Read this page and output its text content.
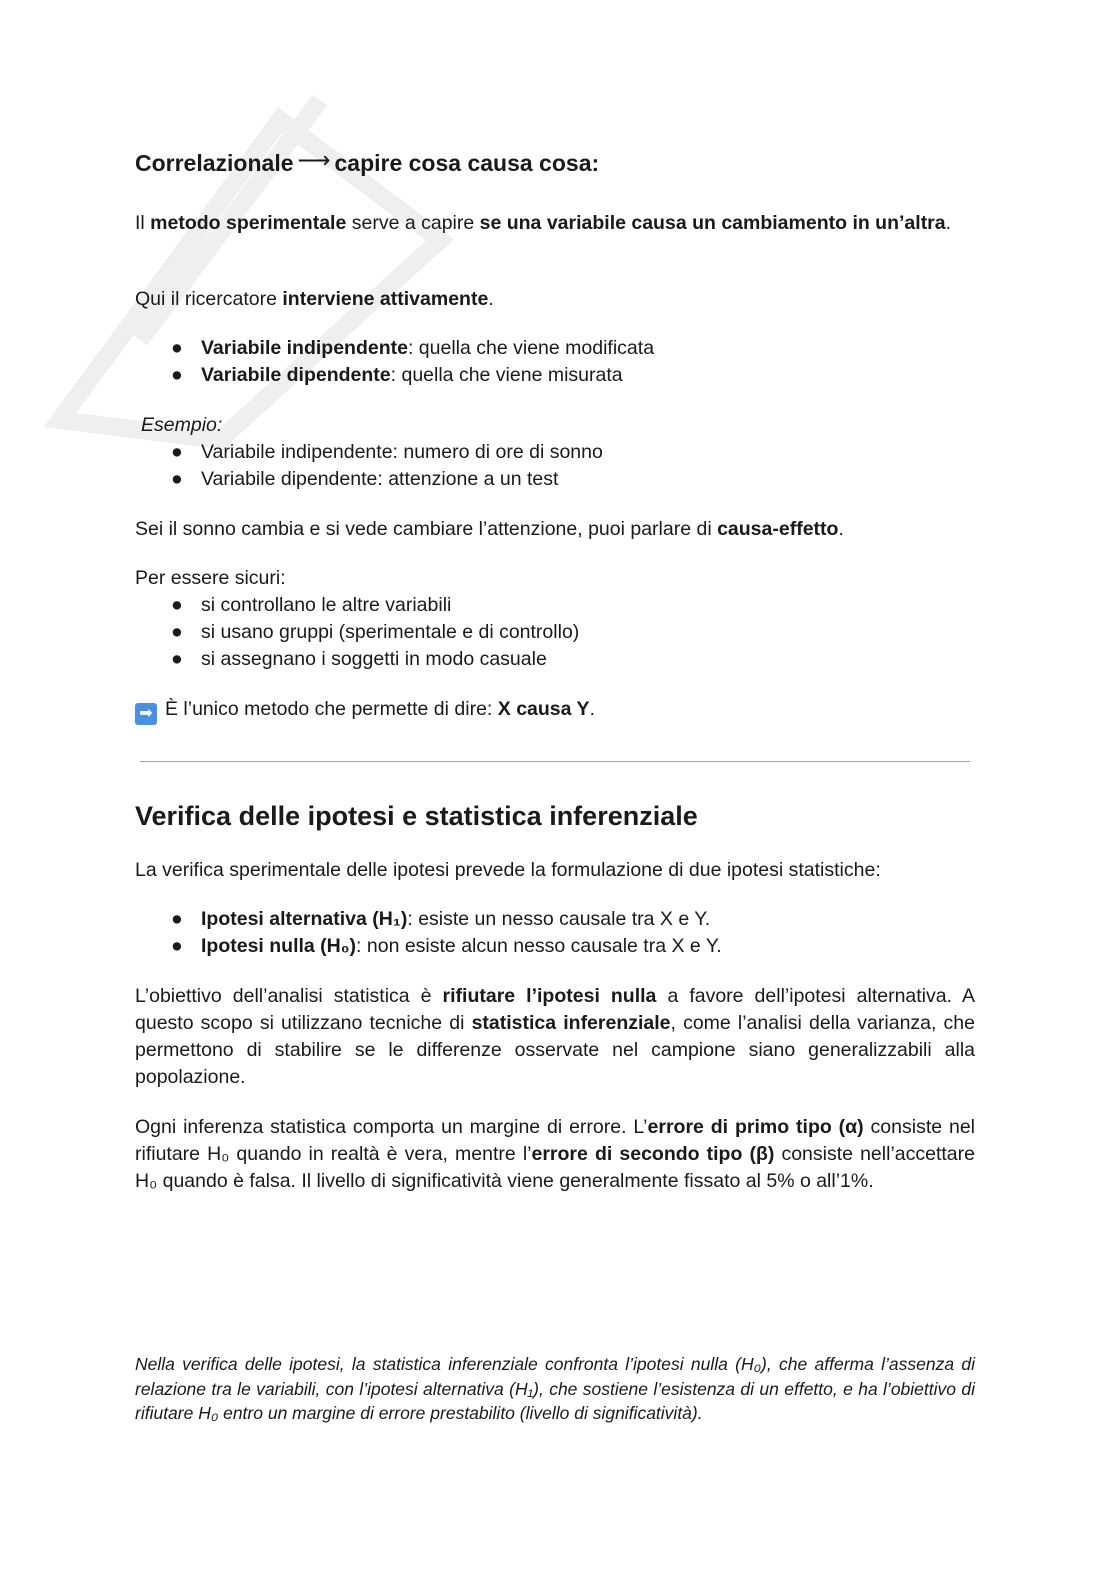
Correlazionale ⟶ capire cosa causa cosa:

Il metodo sperimentale serve a capire se una variabile causa un cambiamento in un’altra.

Qui il ricercatore interviene attivamente.

● Variabile indipendente: quella che viene modificata
● Variabile dipendente: quella che viene misurata

Esempio:

● Variabile indipendente: numero di ore di sonno
● Variabile dipendente: attenzione a un test

Sei il sonno cambia e si vede cambiare l’attenzione, puoi parlare di causa-effetto.

Per essere sicuri:

● si controllano le altre variabili
● si usano gruppi (sperimentale e di controllo)
● si assegnano i soggetti in modo casuale

➡ È l’unico metodo che permette di dire: X causa Y.

Verifica delle ipotesi e statistica inferenziale

La verifica sperimentale delle ipotesi prevede la formulazione di due ipotesi statistiche:

● Ipotesi alternativa (H₁): esiste un nesso causale tra X e Y.
● Ipotesi nulla (H₀): non esiste alcun nesso causale tra X e Y.

L’obiettivo dell’analisi statistica è rifiutare l’ipotesi nulla a favore dell’ipotesi alternativa. A questo scopo si utilizzano tecniche di statistica inferenziale, come l’analisi della varianza, che permettono di stabilire se le differenze osservate nel campione siano generalizzabili alla popolazione.

Ogni inferenza statistica comporta un margine di errore. L’errore di primo tipo (α) consiste nel rifiutare H₀ quando in realtà è vera, mentre l’errore di secondo tipo (β) consiste nell’accettare H₀ quando è falsa. Il livello di significatività viene generalmente fissato al 5% o all’1%.

Nella verifica delle ipotesi, la statistica inferenziale confronta l’ipotesi nulla (H₀), che afferma l’assenza di relazione tra le variabili, con l’ipotesi alternativa (H₁), che sostiene l’esistenza di un effetto, e ha l’obiettivo di rifiutare H₀ entro un margine di errore prestabilito (livello di significatività).
